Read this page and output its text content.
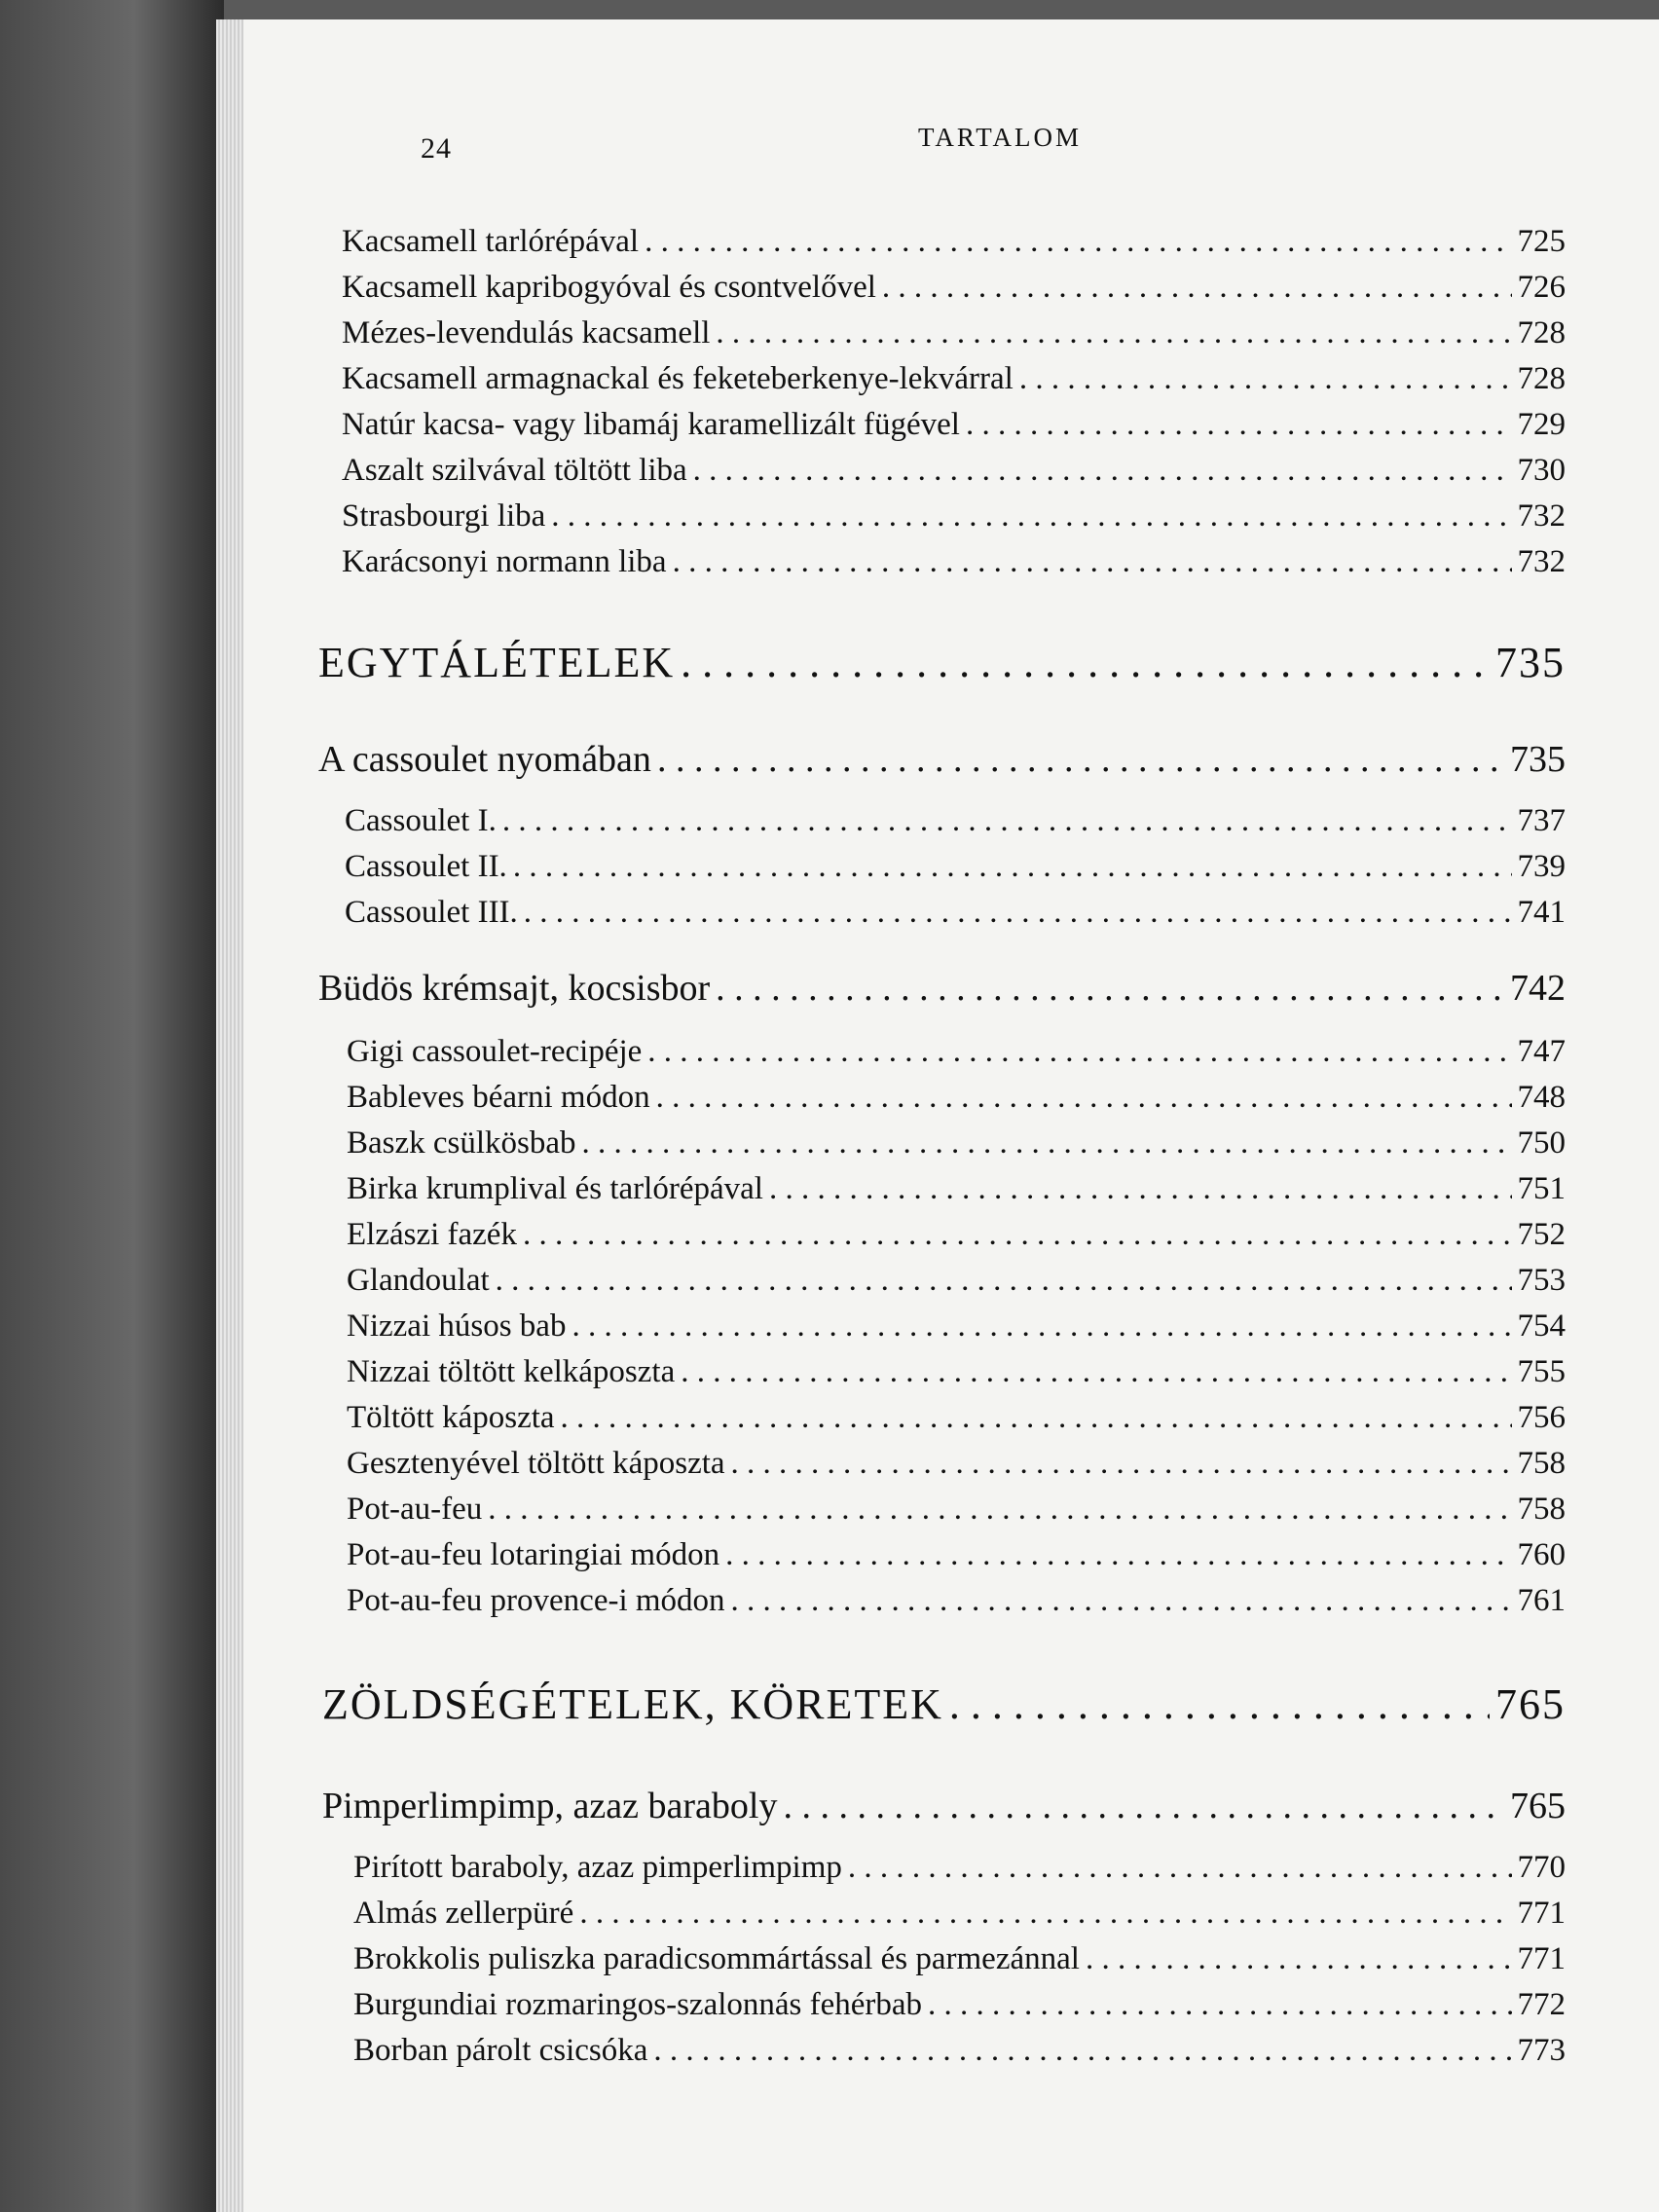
24	TARTALOM
Kacsamell tarlórépával . . .	725
Kacsamell kapribogyóval és csontvelővel . . .	726
Mézes-levendulás kacsamell . . .	728
Kacsamell armagnackal és feketeberkenye-lekvárral . . .	728
Natúr kacsa- vagy libamáj karamellizált fügével . . .	729
Aszalt szilvával töltött liba . . .	730
Strasbourgi liba . . .	732
Karácsonyi normann liba . . .	732
EGYTÁLÉTELEK . . .	735
A cassoulet nyomában . . .	735
Cassoulet I. . . .	737
Cassoulet II. . . .	739
Cassoulet III. . . .	741
Büdös krémsajt, kocsisbor . . .	742
Gigi cassoulet-recipéje . . .	747
Bableves béarni módon . . .	748
Baszk csülkösbab . . .	750
Birka krumplival és tarlórépával . . .	751
Elzászi fazék . . .	752
Glandoulat . . .	753
Nizzai húsos bab . . .	754
Nizzai töltött kelkáposzta . . .	755
Töltött káposzta . . .	756
Gesztenyével töltött káposzta . . .	758
Pot-au-feu . . .	758
Pot-au-feu lotaringiai módon . . .	760
Pot-au-feu provence-i módon . . .	761
ZÖLDSÉGÉTELEK, KÖRETEK . . .	765
Pimperlimpimp, azaz baraboly . . .	765
Pirított baraboly, azaz pimperlimpimp . . .	770
Almás zellerpüré . . .	771
Brokkolis puliszka paradicsommártással és parmezánnal . . .	771
Burgundiai rozmaringos-szalonnás fehérbab . . .	772
Borban párolt csicsóka . . .	773
